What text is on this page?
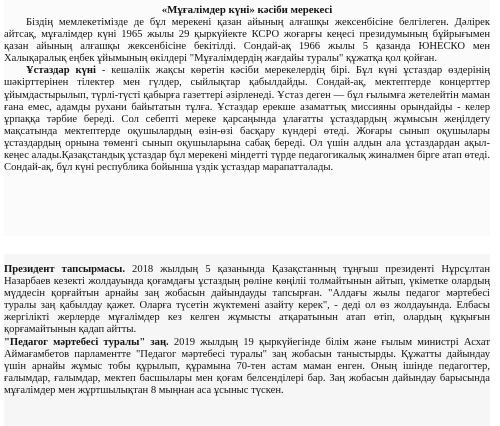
«Мұғалімдер күні» кәсіби мерекесі

Біздің мемлекетімізде де бұл мерекені қазан айының алғашқы жексенбісіне белгілеген. Дәлірек айтсақ, мұғалімдер күні 1965 жылы 29 қыркүйекте КСРО жоғарғы кеңесі президумының бұйрығымен қазан айының алғашқы жексенбісіне бекітілді. Сондай-ақ 1966 жылы 5 қазанда ЮНЕСКО мен Халықаралық еңбек ұйымының өкілдері "Мұғалімдердің жағдайы туралы" құжатқа қол қойған.

Ұстаздар күні - кешәліік жақсы көретін кәсіби мерекелердің бірі. Бұл күні ұстаздар өздерінің шәкірттерінен тілектер мен гүлдер, сыйлықтар қабылдайды. Сондай-ақ, мектептерде концерттер ұйымдастырылып, түрлі-түсті қабырға газеттері әзірленеді. Ұстаз деген — бұл ғылымға жетелейтін маман ғана емес, адамды рухани байытатын тұлға. Ұстаздар ерекше азаматтық миссияны орындайды - келер ұрпаққа тәрбие береді. Сол себепті мереке қарсаңында ұлағатты ұстаздардың жұмысын жеңілдету мақсатында мектептерде оқушылардың өзін-өзі басқару күндері өтеді. Жоғары сынып оқушылары ұстаздардың орнына төменгі сынып оқушыларына сабақ береді. Ол үшін алдын ала ұстаздардан ақыл-кеңес алады.Қазақстандық ұстаздар бұл мерекені міндетті түрде педагогикалық жиналмен бірге атап өтеді. Сондай-ақ, бұл күні республика бойынша үздік ұстаздар марапатталады.

Президент тапсырмасы. 2018 жылдың 5 қазанында Қазақстанның тұңғыш президенті Нұрсұлтан Назарбаев кезекті жолдауында қоғамдағы ұстаздың рөліне көңіліі толмайтынын айтып, үкіметке олардың мүддесін қорғайтын арнайы заң жобасын дайындауды тапсырған. "Алдағы жылы педагог мәртебесі туралы заң қабылдау қажет. Оларға түсетін жүктемені азайту керек", - деді ол өз жолдауында. Елбасы жергілікті жерлерде мұғалімдер кез келген жұмысты атқаратынын атап өтіп, олардың құқығын қорғамайтынын қадап айтты.

"Педагог мәртебесі туралы" заң. 2019 жылдың 19 қыркүйегінде білім және ғылым министрі Асхат Аймағамбетов парламентте "Педагог мәртебесі туралы" заң жобасын таныстырды. Құжатты дайындау үшін арнайы жұмыс тобы құрылып, құрамына 70-тен астам маман енген. Оның ішінде педагогтер, ғалымдар, ғалымдар, мектеп басшылары мен қоғам белсенділері бар. Заң жобасын дайындау барысында мұғалімдер мен жұртшылықтан 8 мыңнан аса ұсыныс түскен.
